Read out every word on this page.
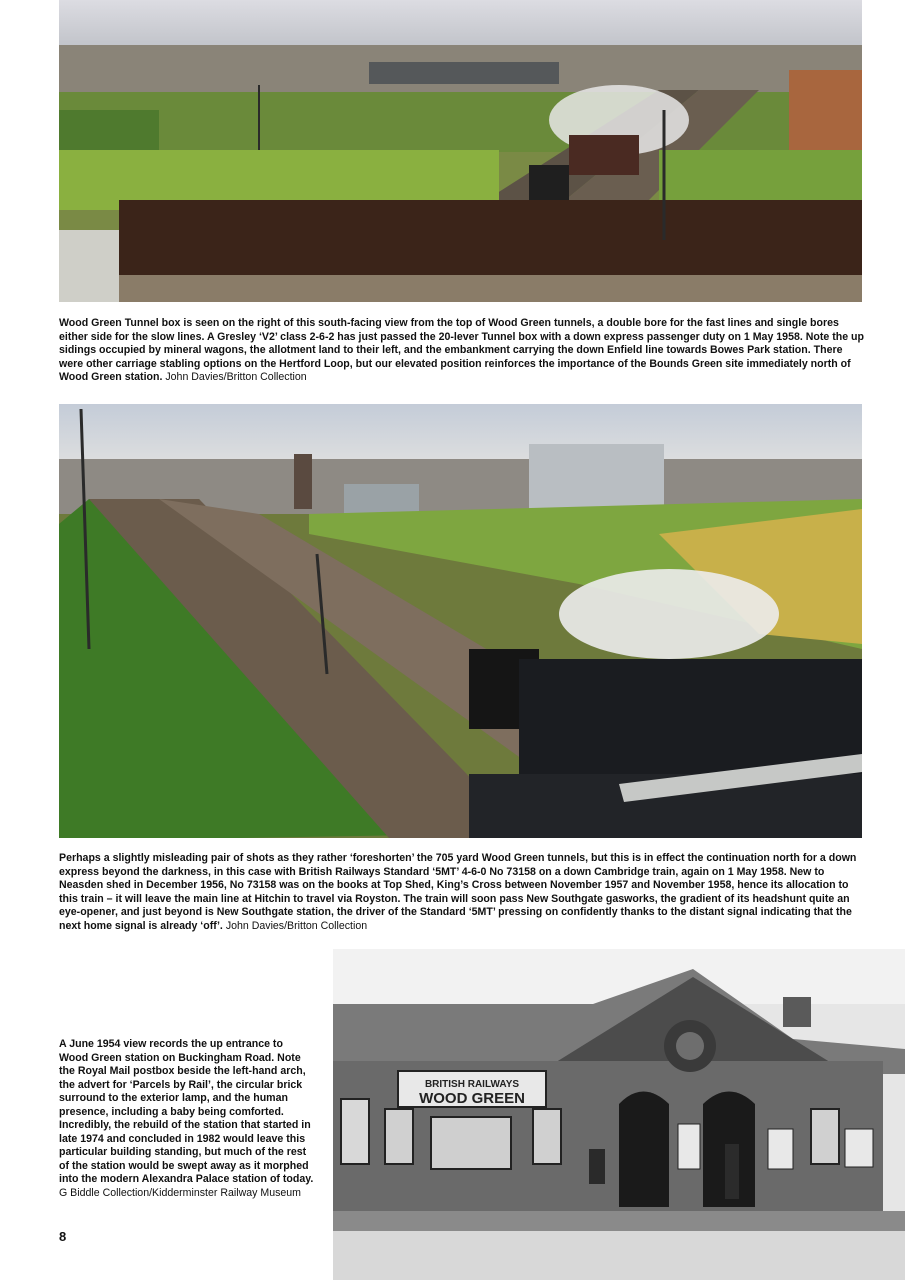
Wood Green Tunnel box is seen on the right of this south-facing view from the top of Wood Green tunnels, a double bore for the fast lines and single bores either side for the slow lines. A Gresley ‘V2’ class 2-6-2 has just passed the 20-lever Tunnel box with a down express passenger duty on 1 May 1958. Note the up sidings occupied by mineral wagons, the allotment land to their left, and the embankment carrying the down Enfield line towards Bowes Park station. There were other carriage stabling options on the Hertford Loop, but our elevated position reinforces the importance of the Bounds Green site immediately north of Wood Green station. John Davies/Britton Collection

Perhaps a slightly misleading pair of shots as they rather ‘foreshorten’ the 705 yard Wood Green tunnels, but this is in effect the continuation north for a down express beyond the darkness, in this case with British Railways Standard ‘5MT’ 4-6-0 No 73158 on a down Cambridge train, again on 1 May 1958. New to Neasden shed in December 1956, No 73158 was on the books at Top Shed, King’s Cross between November 1957 and November 1958, hence its allocation to this train – it will leave the main line at Hitchin to travel via Royston. The train will soon pass New Southgate gasworks, the gradient of its headshunt quite an eye-opener, and just beyond is New Southgate station, the driver of the Standard ‘5MT’ pressing on confidently thanks to the distant signal indicating that the next home signal is already ‘off’. John Davies/Britton Collection

BRITISH RAILWAYS
WOOD GREEN

A June 1954 view records the up entrance to Wood Green station on Buckingham Road. Note the Royal Mail postbox beside the left-hand arch, the advert for ‘Parcels by Rail’, the circular brick surround to the exterior lamp, and the human presence, including a baby being comforted. Incredibly, the rebuild of the station that started in late 1974 and concluded in 1982 would leave this particular building standing, but much of the rest of the station would be swept away as it morphed into the modern Alexandra Palace station of today.
G Biddle Collection/Kidderminster Railway Museum

8
